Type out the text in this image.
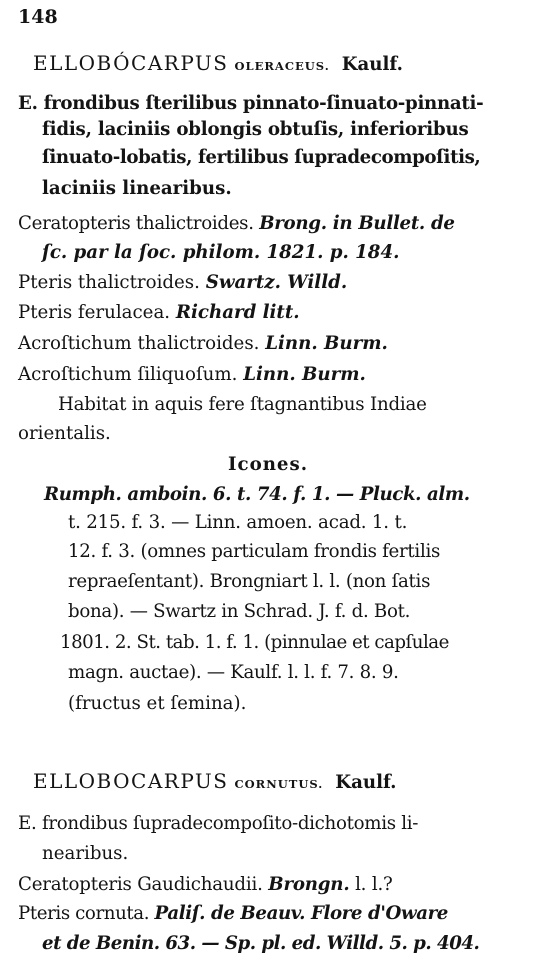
148
ELLOBÓCARPUS OLERACEUS. Kaulf.
E. frondibus ſterilibus pinnato-ſinuato-pinnati-
fidis, laciniis oblongis obtuſis, inferioribus
ſinuato-lobatis, fertilibus ſupradecompoſitis,
laciniis linearibus.
Ceratopteris thalictroides. Brong. in Bullet. de
ſc. par la ſoc. philom. 1821. p. 184.
Pteris thalictroides. Swartz. Willd.
Pteris ferulacea. Richard litt.
Acroſtichum thalictroides. Linn. Burm.
Acroſtichum ſiliquoſum. Linn. Burm.
Habitat in aquis fere ſtagnantibus Indiae
orientalis.
Icones.
Rumph. amboin. 6. t. 74. f. 1. — Pluck. alm.
t. 215. f. 3. — Linn. amoen. acad. 1. t.
12. f. 3. (omnes particulam frondis fertilis
repraeſentant). Brongniart l. l. (non ſatis
bona). — Swartz in Schrad. J. f. d. Bot.
1801. 2. St. tab. 1. f. 1. (pinnulae et capſulae
magn. auctae). — Kaulf. l. l. f. 7. 8. 9.
(fructus et ſemina).
ELLOBOCARPUS CORNUTUS. Kaulf.
E. frondibus ſupradecompoſito-dichotomis li-
nearibus.
Ceratopteris Gaudichaudii. Brongn. l. l.?
Pteris cornuta. Paliſ. de Beauv. Flore d'Oware
et de Benin. 63. — Sp. pl. ed. Willd. 5. p. 404.
